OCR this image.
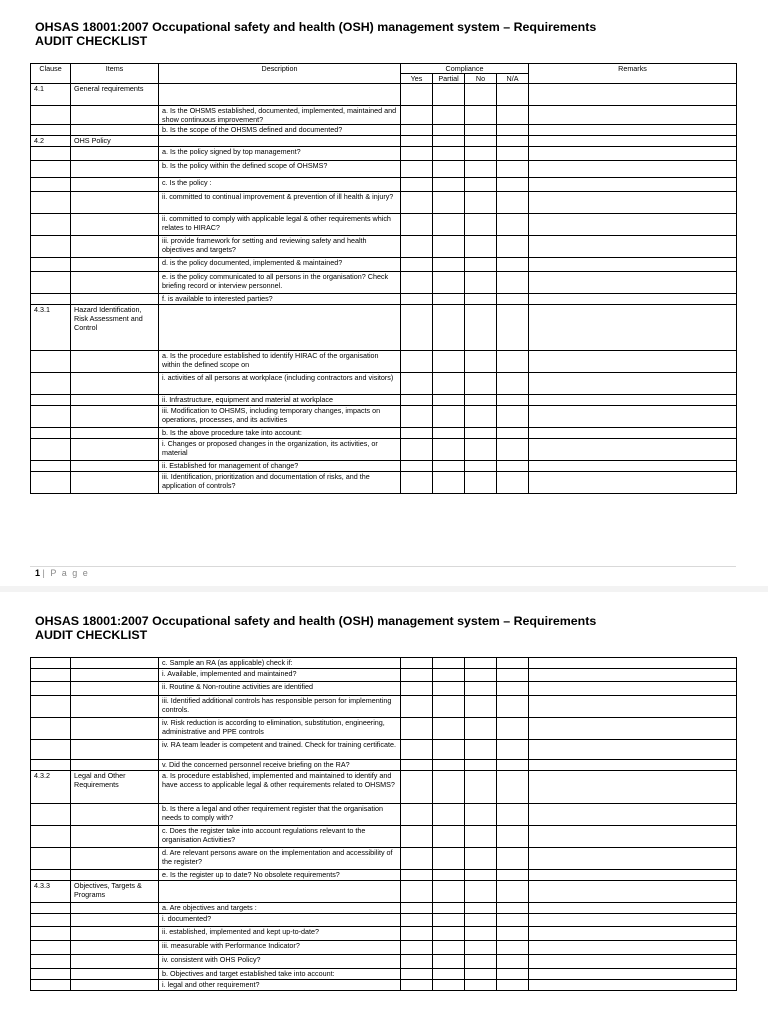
OHSAS 18001:2007 Occupational safety and health (OSH) management system – Requirements
AUDIT CHECKLIST
Clause	Items	Description	Compliance				Remarks
			Yes	Partial	No	N/A	
4.1	General requirements						
		a. Is the OHSMS established, documented, implemented, maintained and show continuous improvement?					
		b. Is the scope of the OHSMS defined and documented?					
4.2	OHS Policy						
		a. Is the policy signed by top management?					
		b. Is the policy within the defined scope of OHSMS?					
		c. Is the policy :					
		ii. committed to continual improvement & prevention of ill health & injury?					
		ii. committed to comply with applicable legal & other requirements which relates to HIRAC?					
		iii. provide framework for setting and reviewing safety and health objectives and targets?					
		d. is the policy documented, implemented & maintained?					
		e. is the policy communicated to all persons in the organisation? Check briefing record or interview personnel.					
		f. is available to interested parties?					
4.3.1	Hazard Identification, Risk Assessment and Control						
		a. Is the procedure established to identify HIRAC of the organisation within the defined scope on					
		i. activities of all persons at workplace (including contractors and visitors)					
		ii. Infrastructure, equipment and material at workplace					
		iii. Modification to OHSMS, including temporary changes, impacts on operations, processes, and its activities					
		b. Is the above procedure take into account:					
		i. Changes or proposed changes in the organization, its activities, or material					
		ii. Established for management of change?					
		iii. Identification, prioritization and documentation of risks, and the application of controls?					
1 | P a g e
OHSAS 18001:2007 Occupational safety and health (OSH) management system – Requirements
AUDIT CHECKLIST
		c. Sample an RA (as applicable) check if:					
		i. Available, implemented and maintained?					
		ii. Routine & Non-routine activities are identified					
		iii. Identified additional controls has responsible person for implementing controls.					
		iv. Risk reduction is according to elimination, substitution, engineering, administrative and PPE controls					
		iv. RA team leader is competent and trained. Check for training certificate.					
		v. Did the concerned personnel receive briefing on the RA?					
4.3.2	Legal and Other Requirements	a. Is procedure established, implemented and maintained to identify and have access to applicable legal & other requirements related to OHSMS?					
		b. Is there a legal and other requirement register that the organisation needs to comply with?					
		c. Does the register take into account regulations relevant to the organisation Activities?					
		d. Are relevant persons aware on the implementation and accessibility of the register?					
		e. Is the register up to date? No obsolete requirements?					
4.3.3	Objectives, Targets & Programs						
		a. Are objectives and targets :					
		i. documented?					
		ii. established, implemented and kept up-to-date?					
		iii. measurable with Performance Indicator?					
		iv. consistent with OHS Policy?					
		b. Objectives and target established take into account:					
		i. legal and other requirement?					
